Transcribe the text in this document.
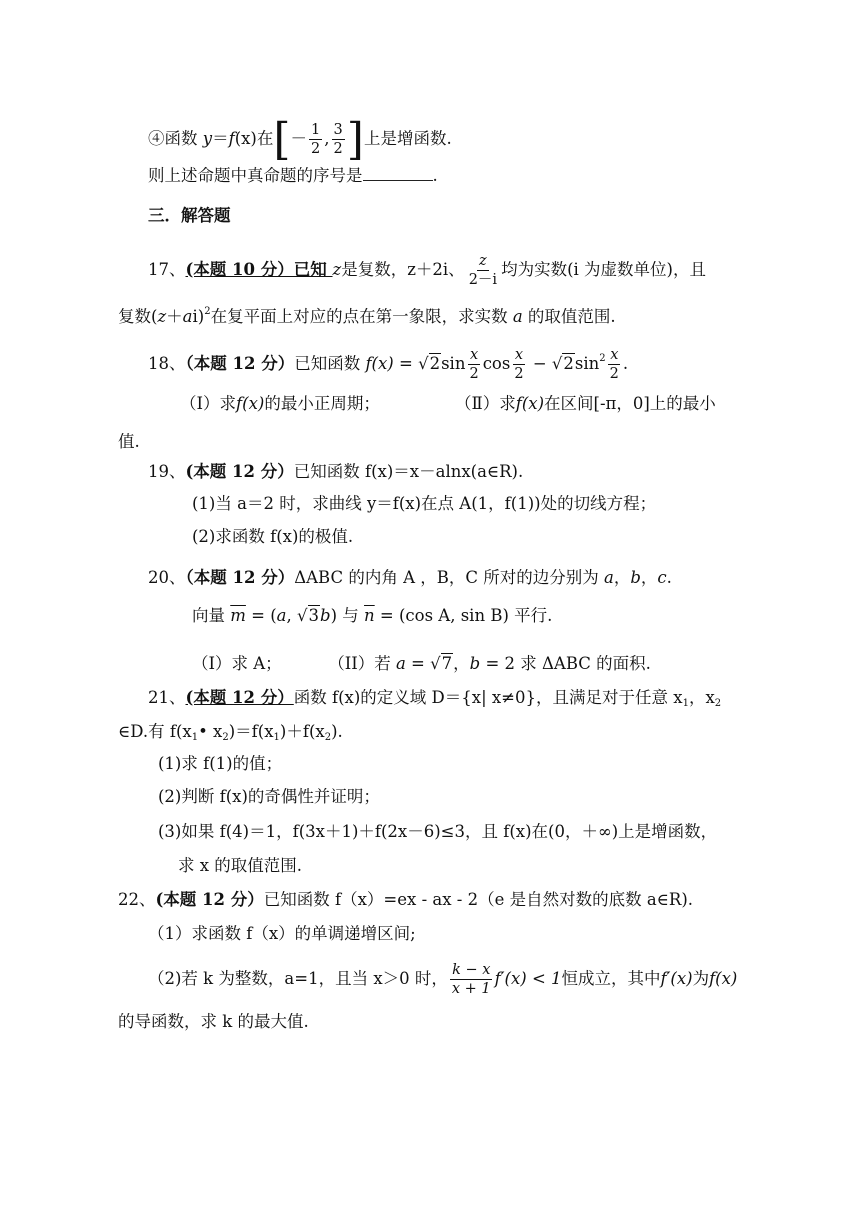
④函数 y＝f(x)在[－ $\frac{1}{2}$ , $\frac{3}{2}$ ]上是增函数.
则上述命题中真命题的序号是	.
三．解答题
17、(本题 10 分）已知 z是复数，z＋2i、 $\frac{z}{2-i}$ 均为实数(i 为虚数单位)，且
复数$(z+ai)^2$在复平面上对应的点在第一象限，求实数 a 的取值范围.
18、（本题 12 分）已知函数 $f(x) = √2\sin \frac{x}{2}$ $\cos \frac{x}{2} - √2\sin^2 \frac{x}{2}$ .
（Ⅰ）求f(x)的最小正周期；	（Ⅱ）求f(x)在区间[-π，0]上的最小
值.
19、(本题 12 分）已知函数 f(x)＝x－alnx(a∈R).
(1)当 a＝2 时，求曲线 y＝f(x)在点 A(1，f(1))处的切线方程；
(2)求函数 f(x)的极值.
20、（本题 12 分）ΔABC 的内角 A ，B，C 所对的边分别为 a，b，c.
向量 $\overline{m} = (a$, √3b) 与 $\overline{n} = (\cos$ A, sin B) 平行.
（I）求 A；	（II）若 a = √7，b = 2 求 ΔABC 的面积.
21、(本题 12 分）函数 f(x)的定义域 D＝{x| x≠0}，且满足对于任意 $x_1$，$x_2$
∈D.有 $f(x_1•$ $x_2)=f(x_1)+f(x_2)$.
(1)求 f(1)的值；
(2)判断 f(x)的奇偶性并证明；
(3)如果 f(4)＝1，f(3x＋1)＋f(2x－6)≤3，且 f(x)在(0，＋∞)上是增函数，
求 x 的取值范围.
22、(本题 12 分）已知函数 f（x）=ex - ax - 2（e 是自然对数的底数 a∈R).
（1）求函数 f（x）的单调递增区间;
（2)若 k 为整数，a=1，且当 x＞0 时， $\frac{k - x}{x + 1} f'(x) < 1$恒成立，其中f′(x)为f(x)
的导函数，求 k 的最大值.
